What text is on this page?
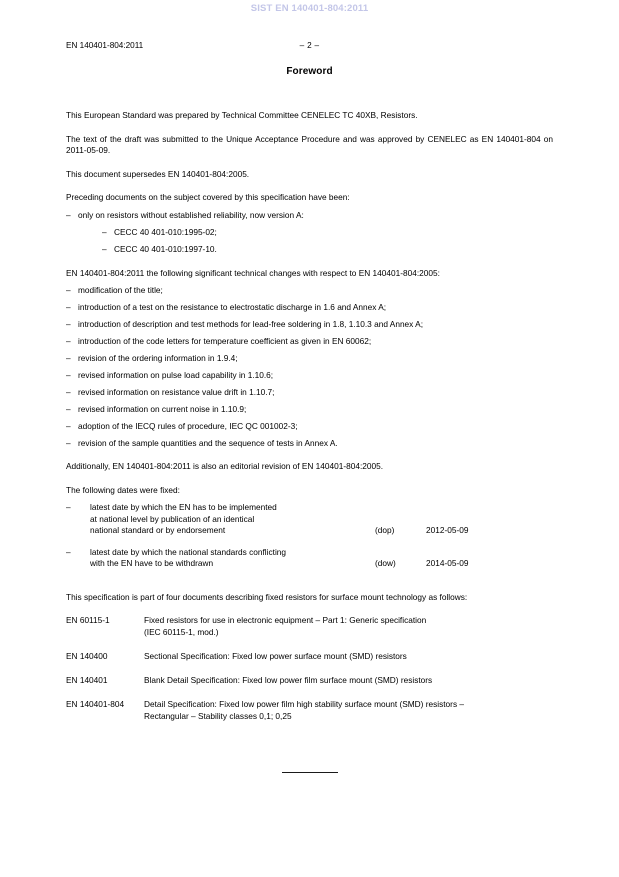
SIST EN 140401-804:2011
EN 140401-804:2011	– 2 –
Foreword

This European Standard was prepared by Technical Committee CENELEC TC 40XB, Resistors.

The text of the draft was submitted to the Unique Acceptance Procedure and was approved by CENELEC as EN 140401-804 on 2011-05-09.

This document supersedes EN 140401-804:2005.

Preceding documents on the subject covered by this specification have been:

– only on resistors without established reliability, now version A:
– CECC 40 401-010:1995-02;
– CECC 40 401-010:1997-10.

EN 140401-804:2011 the following significant technical changes with respect to EN 140401-804:2005:

– modification of the title;
– introduction of a test on the resistance to electrostatic discharge in 1.6 and Annex A;
– introduction of description and test methods for lead-free soldering in 1.8, 1.10.3 and Annex A;
– introduction of the code letters for temperature coefficient as given in EN 60062;
– revision of the ordering information in 1.9.4;
– revised information on pulse load capability in 1.10.6;
– revised information on resistance value drift in 1.10.7;
– revised information on current noise in 1.10.9;
– adoption of the IECQ rules of procedure, IEC QC 001002-3;
– revision of the sample quantities and the sequence of tests in Annex A.

Additionally, EN 140401-804:2011 is also an editorial revision of EN 140401-804:2005.

The following dates were fixed:

– latest date by which the EN has to be implemented
at national level by publication of an identical
national standard or by endorsement	(dop)	2012-05-09
– latest date by which the national standards conflicting
with the EN have to be withdrawn	(dow)	2014-05-09

This specification is part of four documents describing fixed resistors for surface mount technology as follows:

EN 60115-1	Fixed resistors for use in electronic equipment – Part 1: Generic specification
(IEC 60115-1, mod.)
EN 140400	Sectional Specification: Fixed low power surface mount (SMD) resistors
EN 140401	Blank Detail Specification: Fixed low power film surface mount (SMD) resistors
EN 140401-804	Detail Specification: Fixed low power film high stability surface mount (SMD) resistors –
Rectangular – Stability classes 0,1; 0,25
